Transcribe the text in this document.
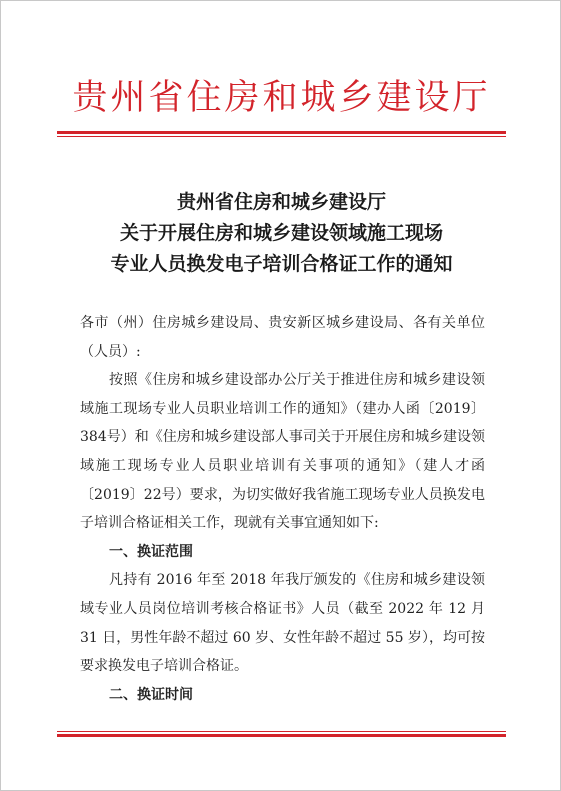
贵州省住房和城乡建设厅
贵州省住房和城乡建设厅
关于开展住房和城乡建设领域施工现场
专业人员换发电子培训合格证工作的通知

各市（州）住房城乡建设局、贵安新区城乡建设局、各有关单位（人员）:

按照《住房和城乡建设部办公厅关于推进住房和城乡建设领域施工现场专业人员职业培训工作的通知》（建办人函〔2019〕384号）和《住房和城乡建设部人事司关于开展住房和城乡建设领域施工现场专业人员职业培训有关事项的通知》（建人才函〔2019〕22号）要求，为切实做好我省施工现场专业人员换发电子培训合格证相关工作，现就有关事宜通知如下:

一、换证范围

凡持有 2016 年至 2018 年我厅颁发的《住房和城乡建设领域专业人员岗位培训考核合格证书》人员（截至 2022 年 12 月 31 日，男性年龄不超过 60 岁、女性年龄不超过 55 岁），均可按要求换发电子培训合格证。

二、换证时间
